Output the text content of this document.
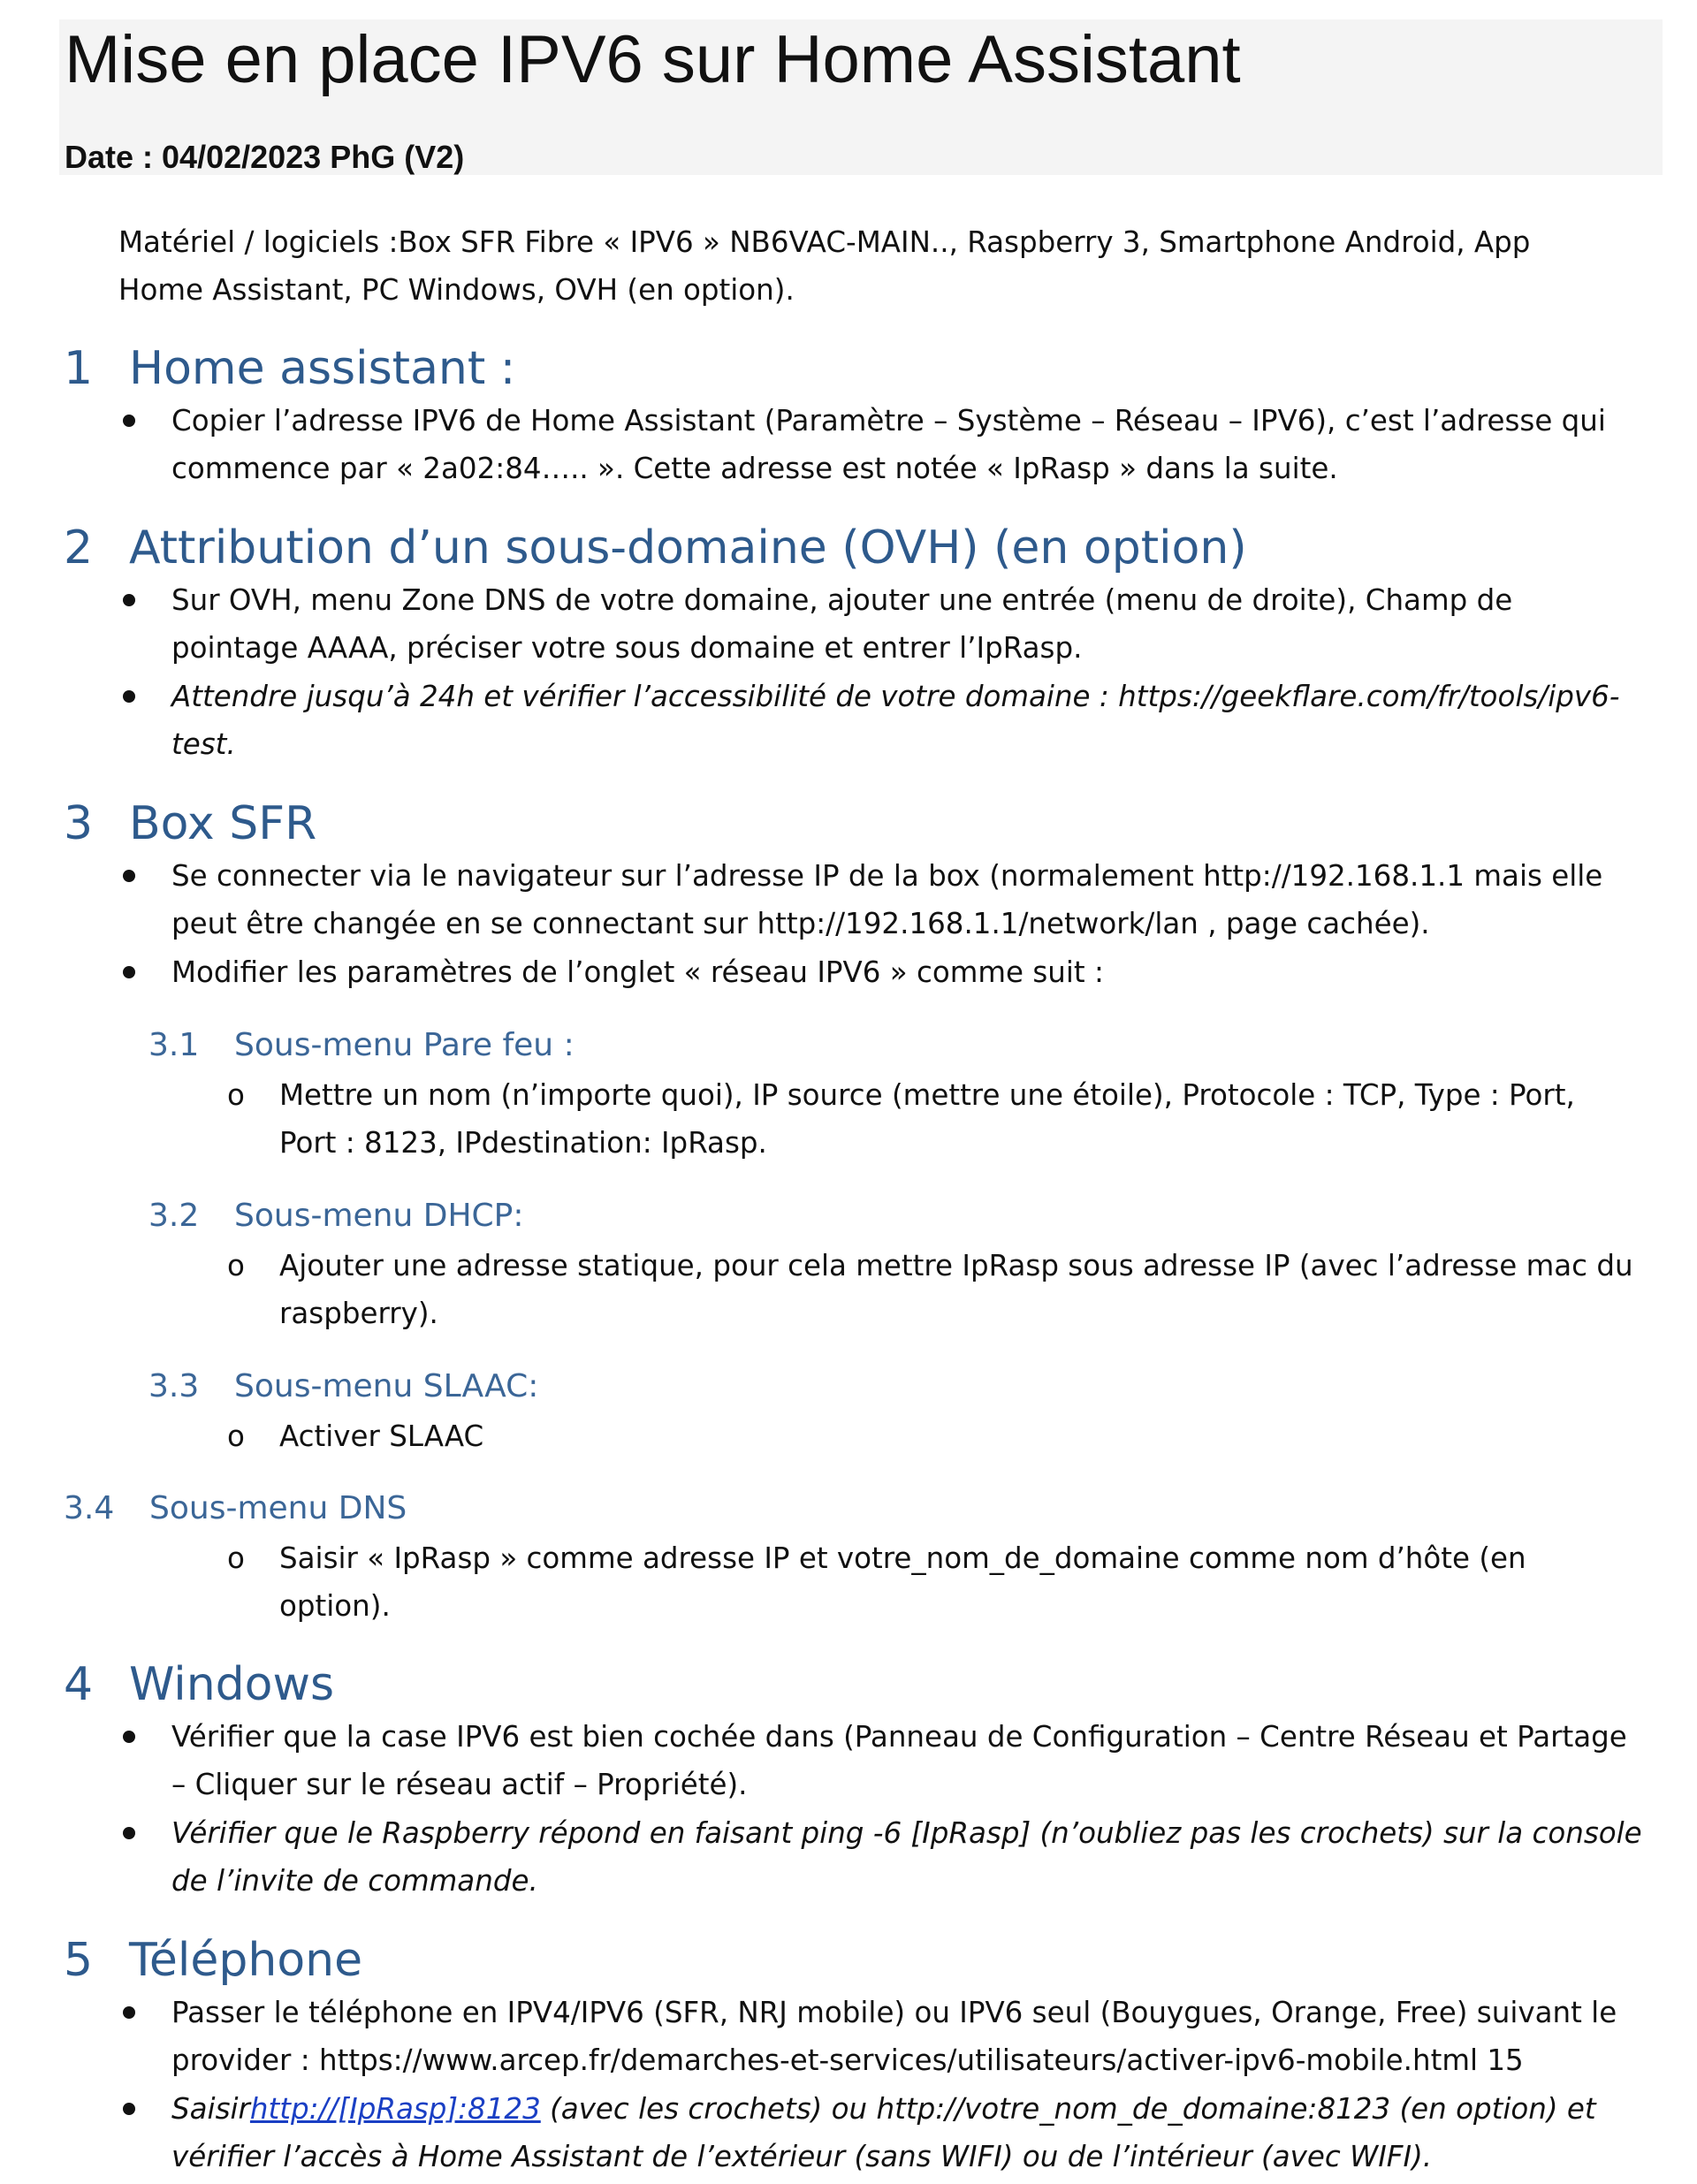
Mise en place IPV6 sur Home Assistant

Date : 04/02/2023 PhG (V2)

Matériel / logiciels :Box SFR Fibre « IPV6 » NB6VAC-MAIN.., Raspberry 3, Smartphone Android, App
Home Assistant, PC Windows, OVH (en option).

1 Home assistant :
Copier l’adresse IPV6 de Home Assistant (Paramètre – Système – Réseau – IPV6), c’est l’adresse qui
commence par « 2a02:84….. ». Cette adresse est notée « IpRasp » dans la suite.
2 Attribution d’un sous-domaine (OVH) (en option)
Sur OVH, menu Zone DNS de votre domaine, ajouter une entrée (menu de droite), Champ de
pointage AAAA, préciser votre sous domaine et entrer l’IpRasp.
Attendre jusqu’à 24h et vérifier l’accessibilité de votre domaine : https://geekflare.com/fr/tools/ipv6-
test.
3 Box SFR
Se connecter via le navigateur sur l’adresse IP de la box (normalement http://192.168.1.1 mais elle
peut être changée en se connectant sur http://192.168.1.1/network/lan , page cachée).
Modifier les paramètres de l’onglet « réseau IPV6 » comme suit :
3.1 Sous-menu Pare feu :
o Mettre un nom (n’importe quoi), IP source (mettre une étoile), Protocole : TCP, Type : Port,
Port : 8123, IPdestination: IpRasp.
3.2 Sous-menu DHCP:
o Ajouter une adresse statique, pour cela mettre IpRasp sous adresse IP (avec l’adresse mac du
raspberry).
3.3 Sous-menu SLAAC:
o Activer SLAAC
3.4 Sous-menu DNS
o Saisir « IpRasp » comme adresse IP et votre_nom_de_domaine comme nom d’hôte (en
option).
4 Windows
Vérifier que la case IPV6 est bien cochée dans (Panneau de Configuration – Centre Réseau et Partage
– Cliquer sur le réseau actif – Propriété).
Vérifier que le Raspberry répond en faisant ping -6 [IpRasp] (n’oubliez pas les crochets) sur la console
de l’invite de commande.
5 Téléphone
Passer le téléphone en IPV4/IPV6 (SFR, NRJ mobile) ou IPV6 seul (Bouygues, Orange, Free) suivant le
provider : https://www.arcep.fr/demarches-et-services/utilisateurs/activer-ipv6-mobile.html 15
Saisirhttp://[IpRasp]:8123 (avec les crochets) ou http://votre_nom_de_domaine:8123 (en option) et
vérifier l’accès à Home Assistant de l’extérieur (sans WIFI) ou de l’intérieur (avec WIFI).
